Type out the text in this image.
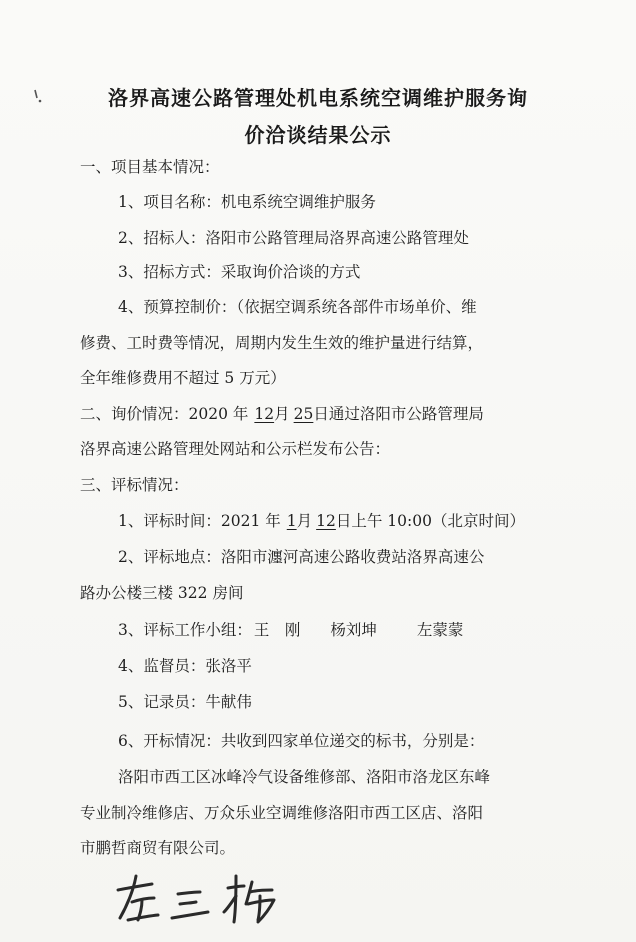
洛界高速公路管理处机电系统空调维护服务询
价洽谈结果公示
一、项目基本情况：
1、项目名称：机电系统空调维护服务
2、招标人：洛阳市公路管理局洛界高速公路管理处
3、招标方式：采取询价洽谈的方式
4、预算控制价：（依据空调系统各部件市场单价、维
修费、工时费等情况，周期内发生生效的维护量进行结算，
全年维修费用不超过 5 万元）
二、询价情况：2020 年 12月 25日通过洛阳市公路管理局
洛界高速公路管理处网站和公示栏发布公告：
三、评标情况：
1、评标时间：2021 年 1月 12日上午 10:00（北京时间）
2、评标地点：洛阳市瀍河高速公路收费站洛界高速公
路办公楼三楼 322 房间
3、评标工作小组： 王　刚 杨刘坤	左蒙蒙
4、监督员：张洛平
5、记录员：牛献伟
6、开标情况：共收到四家单位递交的标书，分别是：
洛阳市西工区冰峰冷气设备维修部、洛阳市洛龙区东峰
专业制冷维修店、万众乐业空调维修洛阳市西工区店、洛阳
市鹏哲商贸有限公司。
